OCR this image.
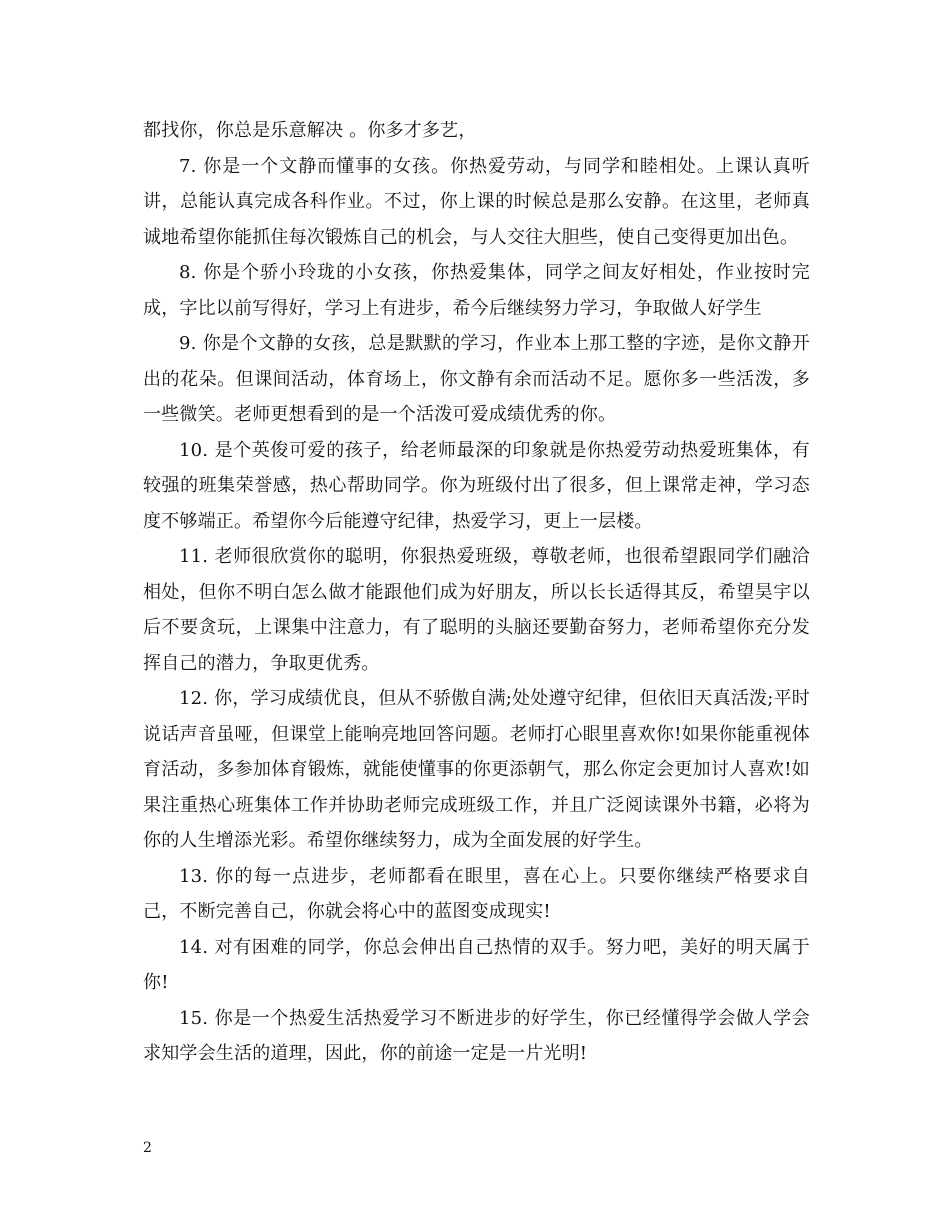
都找你，你总是乐意解决 。你多才多艺，

7. 你是一个文静而懂事的女孩。你热爱劳动，与同学和睦相处。上课认真听讲，总能认真完成各科作业。不过，你上课的时候总是那么安静。在这里，老师真诚地希望你能抓住每次锻炼自己的机会，与人交往大胆些，使自己变得更加出色。

8. 你是个骄小玲珑的小女孩，你热爱集体，同学之间友好相处，作业按时完成，字比以前写得好，学习上有进步，希今后继续努力学习，争取做人好学生

9. 你是个文静的女孩，总是默默的学习，作业本上那工整的字迹，是你文静开出的花朵。但课间活动，体育场上，你文静有余而活动不足。愿你多一些活泼，多一些微笑。老师更想看到的是一个活泼可爱成绩优秀的你。

10. 是个英俊可爱的孩子，给老师最深的印象就是你热爱劳动热爱班集体，有较强的班集荣誉感，热心帮助同学。你为班级付出了很多，但上课常走神，学习态度不够端正。希望你今后能遵守纪律，热爱学习，更上一层楼。

11. 老师很欣赏你的聪明，你狠热爱班级，尊敬老师，也很希望跟同学们融洽相处，但你不明白怎么做才能跟他们成为好朋友，所以长长适得其反，希望昊宇以后不要贪玩，上课集中注意力，有了聪明的头脑还要勤奋努力，老师希望你充分发挥自己的潜力，争取更优秀。

12. 你，学习成绩优良，但从不骄傲自满;处处遵守纪律，但依旧天真活泼;平时说话声音虽哑，但课堂上能响亮地回答问题。老师打心眼里喜欢你!如果你能重视体育活动，多参加体育锻炼，就能使懂事的你更添朝气，那么你定会更加讨人喜欢!如果注重热心班集体工作并协助老师完成班级工作，并且广泛阅读课外书籍，必将为你的人生增添光彩。希望你继续努力，成为全面发展的好学生。

13. 你的每一点进步，老师都看在眼里，喜在心上。只要你继续严格要求自己，不断完善自己，你就会将心中的蓝图变成现实!

14. 对有困难的同学，你总会伸出自己热情的双手。努力吧，美好的明天属于你!

15. 你是一个热爱生活热爱学习不断进步的好学生，你已经懂得学会做人学会求知学会生活的道理，因此，你的前途一定是一片光明!

2
